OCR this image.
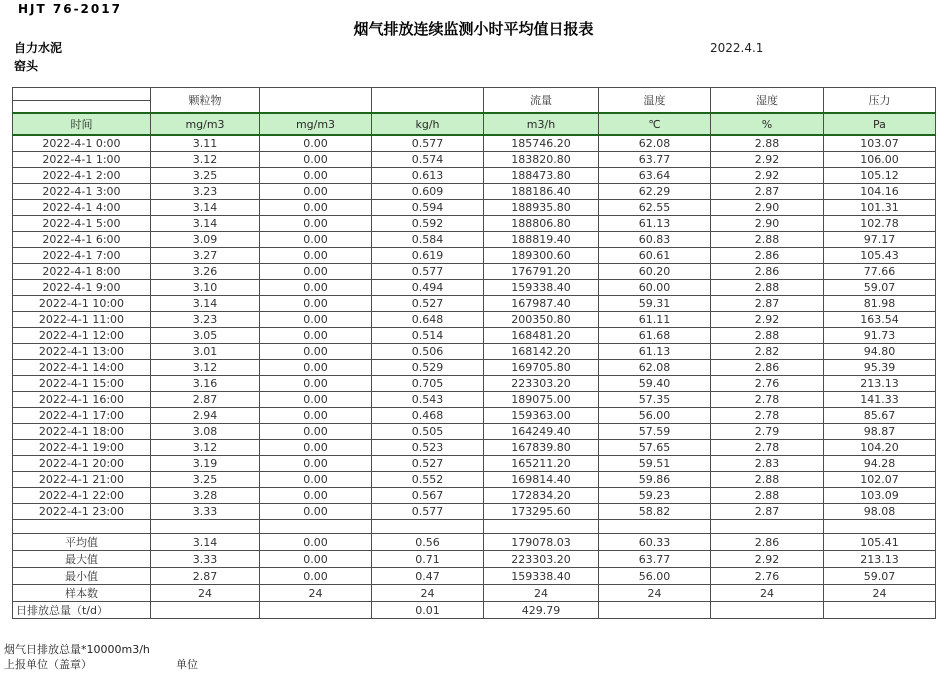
HJT 76-2017
烟气排放连续监测小时平均值日报表
2022.4.1
自力水泥
窑头
	颗粒物			流量	温度	湿度	压力

时间	mg/m3	mg/m3	kg/h	m3/h	℃	%	Pa
2022-4-1 0:00	3.11	0.00	0.577	185746.20	62.08	2.88	103.07
2022-4-1 1:00	3.12	0.00	0.574	183820.80	63.77	2.92	106.00
2022-4-1 2:00	3.25	0.00	0.613	188473.80	63.64	2.92	105.12
2022-4-1 3:00	3.23	0.00	0.609	188186.40	62.29	2.87	104.16
2022-4-1 4:00	3.14	0.00	0.594	188935.80	62.55	2.90	101.31
2022-4-1 5:00	3.14	0.00	0.592	188806.80	61.13	2.90	102.78
2022-4-1 6:00	3.09	0.00	0.584	188819.40	60.83	2.88	97.17
2022-4-1 7:00	3.27	0.00	0.619	189300.60	60.61	2.86	105.43
2022-4-1 8:00	3.26	0.00	0.577	176791.20	60.20	2.86	77.66
2022-4-1 9:00	3.10	0.00	0.494	159338.40	60.00	2.88	59.07
2022-4-1 10:00	3.14	0.00	0.527	167987.40	59.31	2.87	81.98
2022-4-1 11:00	3.23	0.00	0.648	200350.80	61.11	2.92	163.54
2022-4-1 12:00	3.05	0.00	0.514	168481.20	61.68	2.88	91.73
2022-4-1 13:00	3.01	0.00	0.506	168142.20	61.13	2.82	94.80
2022-4-1 14:00	3.12	0.00	0.529	169705.80	62.08	2.86	95.39
2022-4-1 15:00	3.16	0.00	0.705	223303.20	59.40	2.76	213.13
2022-4-1 16:00	2.87	0.00	0.543	189075.00	57.35	2.78	141.33
2022-4-1 17:00	2.94	0.00	0.468	159363.00	56.00	2.78	85.67
2022-4-1 18:00	3.08	0.00	0.505	164249.40	57.59	2.79	98.87
2022-4-1 19:00	3.12	0.00	0.523	167839.80	57.65	2.78	104.20
2022-4-1 20:00	3.19	0.00	0.527	165211.20	59.51	2.83	94.28
2022-4-1 21:00	3.25	0.00	0.552	169814.40	59.86	2.88	102.07
2022-4-1 22:00	3.28	0.00	0.567	172834.20	59.23	2.88	103.09
2022-4-1 23:00	3.33	0.00	0.577	173295.60	58.82	2.87	98.08

平均值	3.14	0.00	0.56	179078.03	60.33	2.86	105.41
最大值	3.33	0.00	0.71	223303.20	63.77	2.92	213.13
最小值	2.87	0.00	0.47	159338.40	56.00	2.76	59.07
样本数	24	24	24	24	24	24	24
日排放总量（t/d）			0.01	429.79			
烟气日排放总量*10000m3/h
上报单位（盖章）	单位
